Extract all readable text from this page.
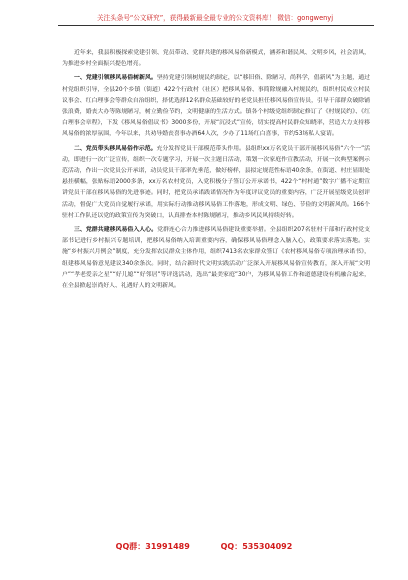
关注头条号“公文研究”，获得最新最全最专业的公文资料库！ 微信：gongwenyj

近年来，我县积极探索党建引领、党员带动、党群共建的移风易俗新模式，涵养和谐民风、文明乡风，社会清风，为推进乡村全面振兴提色增亮。

一、党建引领移风易俗树新风。坚持党建引领树规民约制定，以“移旧俗、除陋习，尚科学，倡新风”为主题，通过村党组织引导，全县20个乡镇（街道）422个行政村（社区）把移风易俗、事简除规融入村规民约，组织村民成立村民议事会、红白理事会等群众自治组织，择优选择12名群众基础较好的老党员担任移风易俗宣传员，引导干部群众破除铺张浪费，婚丧大办等陈规陋习，树立勤俭节约，文明健康的生活方式。镇各个村级党组织制定修订了《村规民约》、《红白理事会章程》，下发《移风易俗倡议书》3000多份，开展“沉浸式”宣传，切实提高村民群众知晓率，营造大力支持移风易俗的浓厚氛围，今年以来，共劝导婚丧喜事办酒64人次，少办了11场红白喜事，节约53场私人宴请。

二、党员带头移风易俗作示范。充分发挥党员干部模范带头作用。县组织xx万名党员干部开展移风易俗“六个一”活动，即进行一次广泛宣传，组织一次专题学习，开展一次主题日活动，策划一次家庭作宣教活动，开展一次典型案例示范活动，作出一次党员公开承诺，动员党员干部率先垂范，做好榜样，县拟定规范性标语40余条，在街道、村庄显眼处悬挂横幅，张贴标语2000多条，xx万名农村党员，入党积极分子签订公开承诺书，422个“村村通”数字广播不定期宣讲党员干部在移风易俗的先进事迹。同时，把党员承诺践诺情况作为年度评议党员的重要内容，广泛开展星级党员创评活动，督促广大党员自觉履行承诺，用实际行动推动移风易俗工作落地，形成文明、绿色、节俭的文明新风尚。166个驻村工作队还以党的政策宣传为突破口，认真排查本村陈规陋习，推动乡风民风持续好转。

三、党群共建移风易俗入人心。党群连心合力推进移风易俗建设重要举措。全县组织207名驻村干部和行政村党支部书记进行乡村振兴专题培训，把移风易俗纳入培训重要内容，确保移风易俗理念入脑入心，政策要求落实落地。实施“乡村振兴月例会”制度，充分发挥农民群众主体作用，组织7413名农家群众签订《农村移风易俗专项治理承诺书》，组建移风易俗意见建议340余条次。同时，结合新时代文明实践活动广泛深入开展移风易俗宣传教育，深入开展“文明户”“孝老爱亲之星”“好儿媳”“好邻居”等评选活动，选出“最美家庭”30户，为移风易俗工作和道德建设有机融合起来，在全县掀起崇尚好人、礼遇好人的文明新风。

QQ群：31991489	QQ：535304092
